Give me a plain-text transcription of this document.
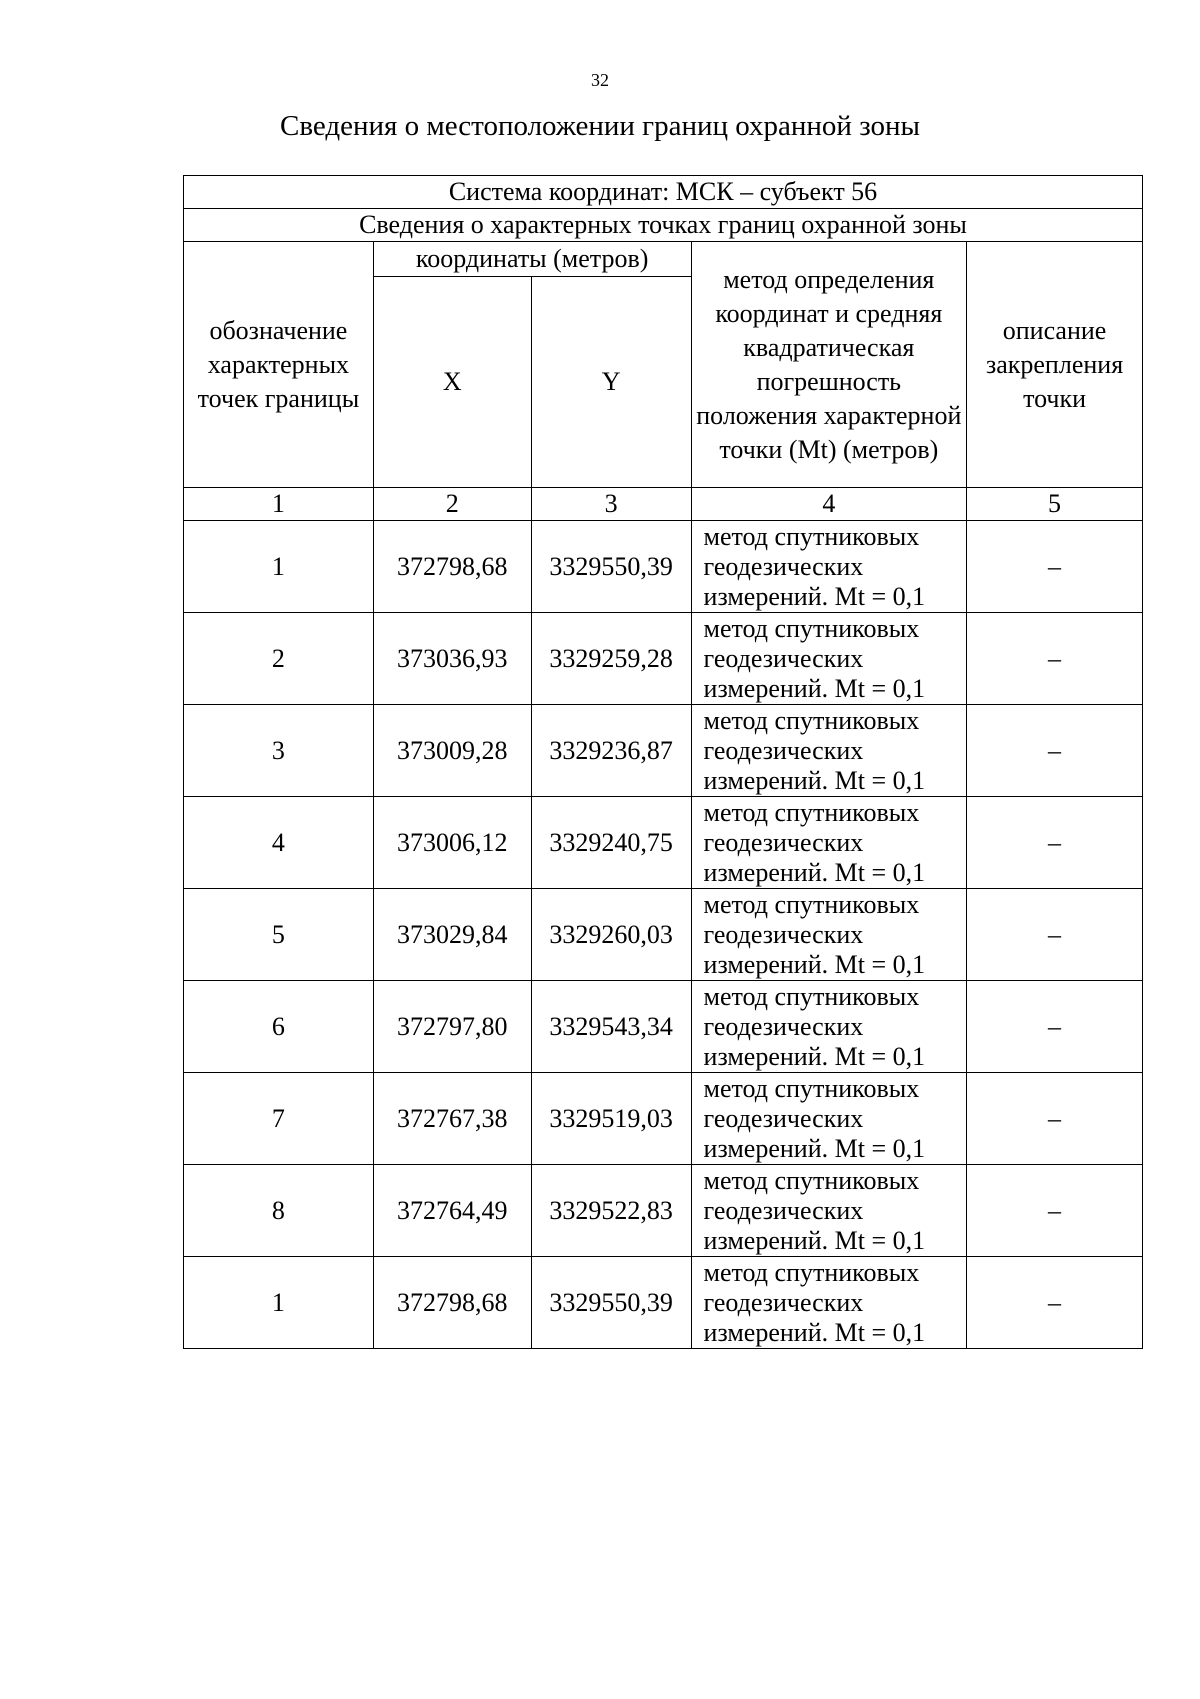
32
Сведения о местоположении границ охранной зоны
Система координат: МСК – субъект 56				
Сведения о характерных точках границ охранной зоны				
обозначение характерных точек границы	координаты (метров)		метод определения координат и средняя квадратическая погрешность положения характерной точки (Mt) (метров)	описание закрепления точки
	X	Y		
1	2	3	4	5
1	372798,68	3329550,39	метод спутниковых геодезических измерений. Mt = 0,1	–
2	373036,93	3329259,28	метод спутниковых геодезических измерений. Mt = 0,1	–
3	373009,28	3329236,87	метод спутниковых геодезических измерений. Mt = 0,1	–
4	373006,12	3329240,75	метод спутниковых геодезических измерений. Mt = 0,1	–
5	373029,84	3329260,03	метод спутниковых геодезических измерений. Mt = 0,1	–
6	372797,80	3329543,34	метод спутниковых геодезических измерений. Mt = 0,1	–
7	372767,38	3329519,03	метод спутниковых геодезических измерений. Mt = 0,1	–
8	372764,49	3329522,83	метод спутниковых геодезических измерений. Mt = 0,1	–
1	372798,68	3329550,39	метод спутниковых геодезических измерений. Mt = 0,1	–
